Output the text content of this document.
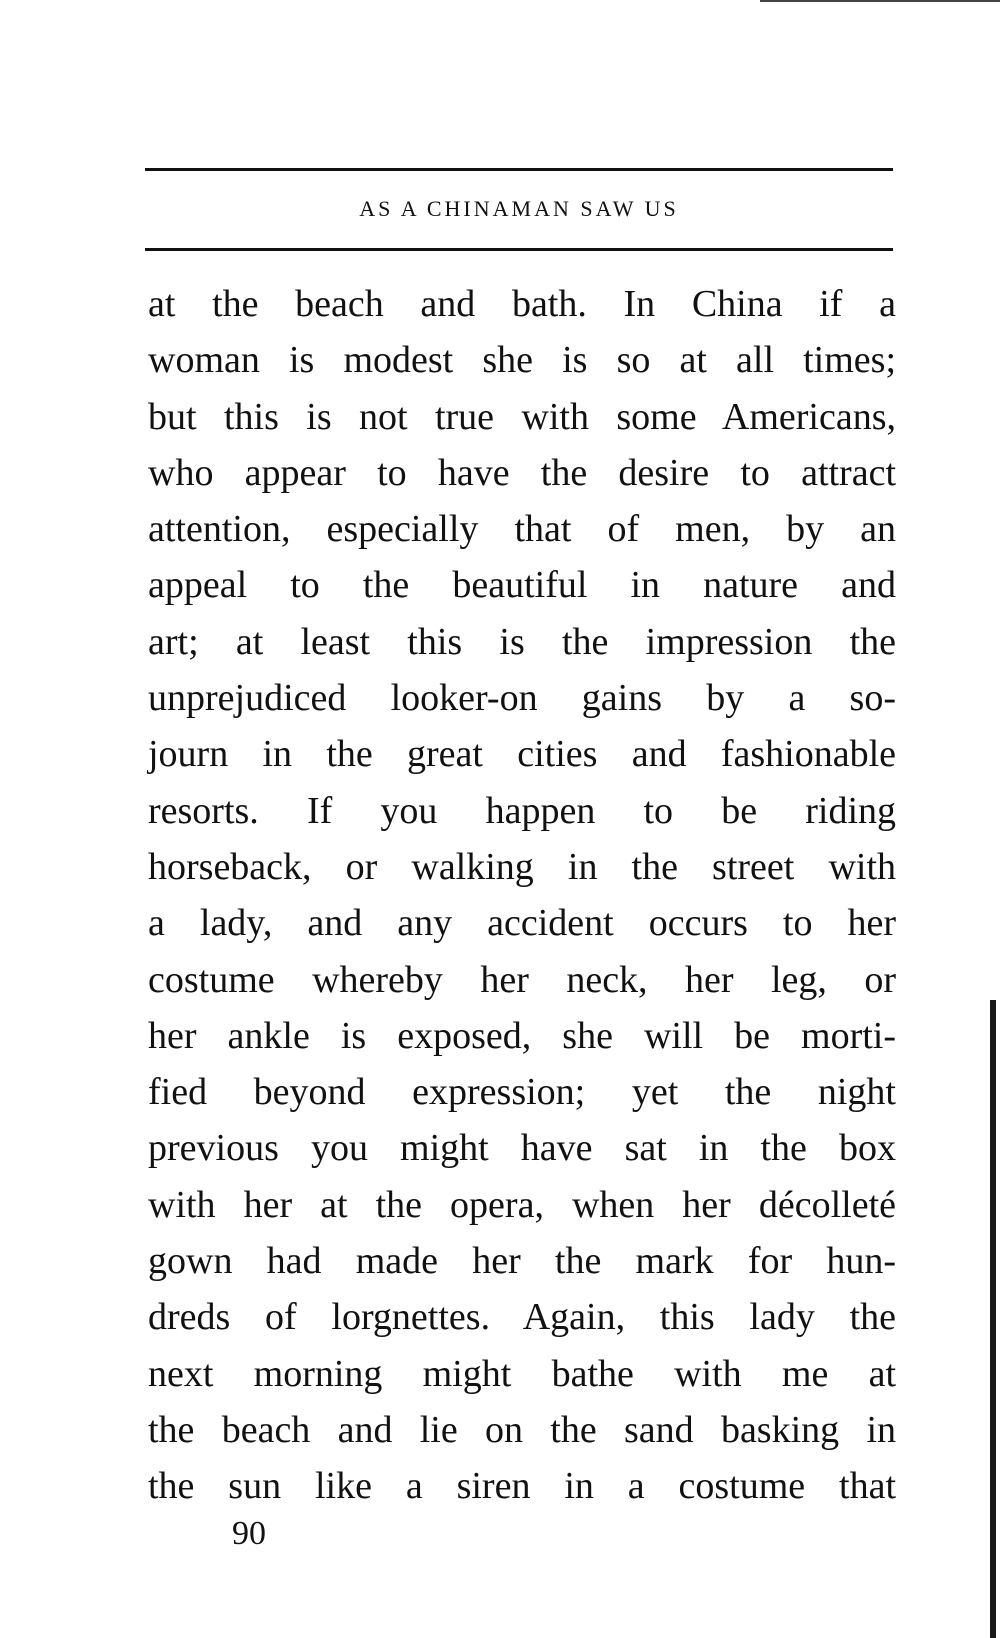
AS A CHINAMAN SAW US
at the beach and bath. In China if a
woman is modest she is so at all times;
but this is not true with some Americans,
who appear to have the desire to attract
attention, especially that of men, by an
appeal to the beautiful in nature and
art; at least this is the impression the
unprejudiced looker-on gains by a so-
journ in the great cities and fashionable
resorts. If you happen to be riding
horseback, or walking in the street with
a lady, and any accident occurs to her
costume whereby her neck, her leg, or
her ankle is exposed, she will be morti-
fied beyond expression; yet the night
previous you might have sat in the box
with her at the opera, when her décolleté
gown had made her the mark for hun-
dreds of lorgnettes. Again, this lady the
next morning might bathe with me at
the beach and lie on the sand basking in
the sun like a siren in a costume that
90
